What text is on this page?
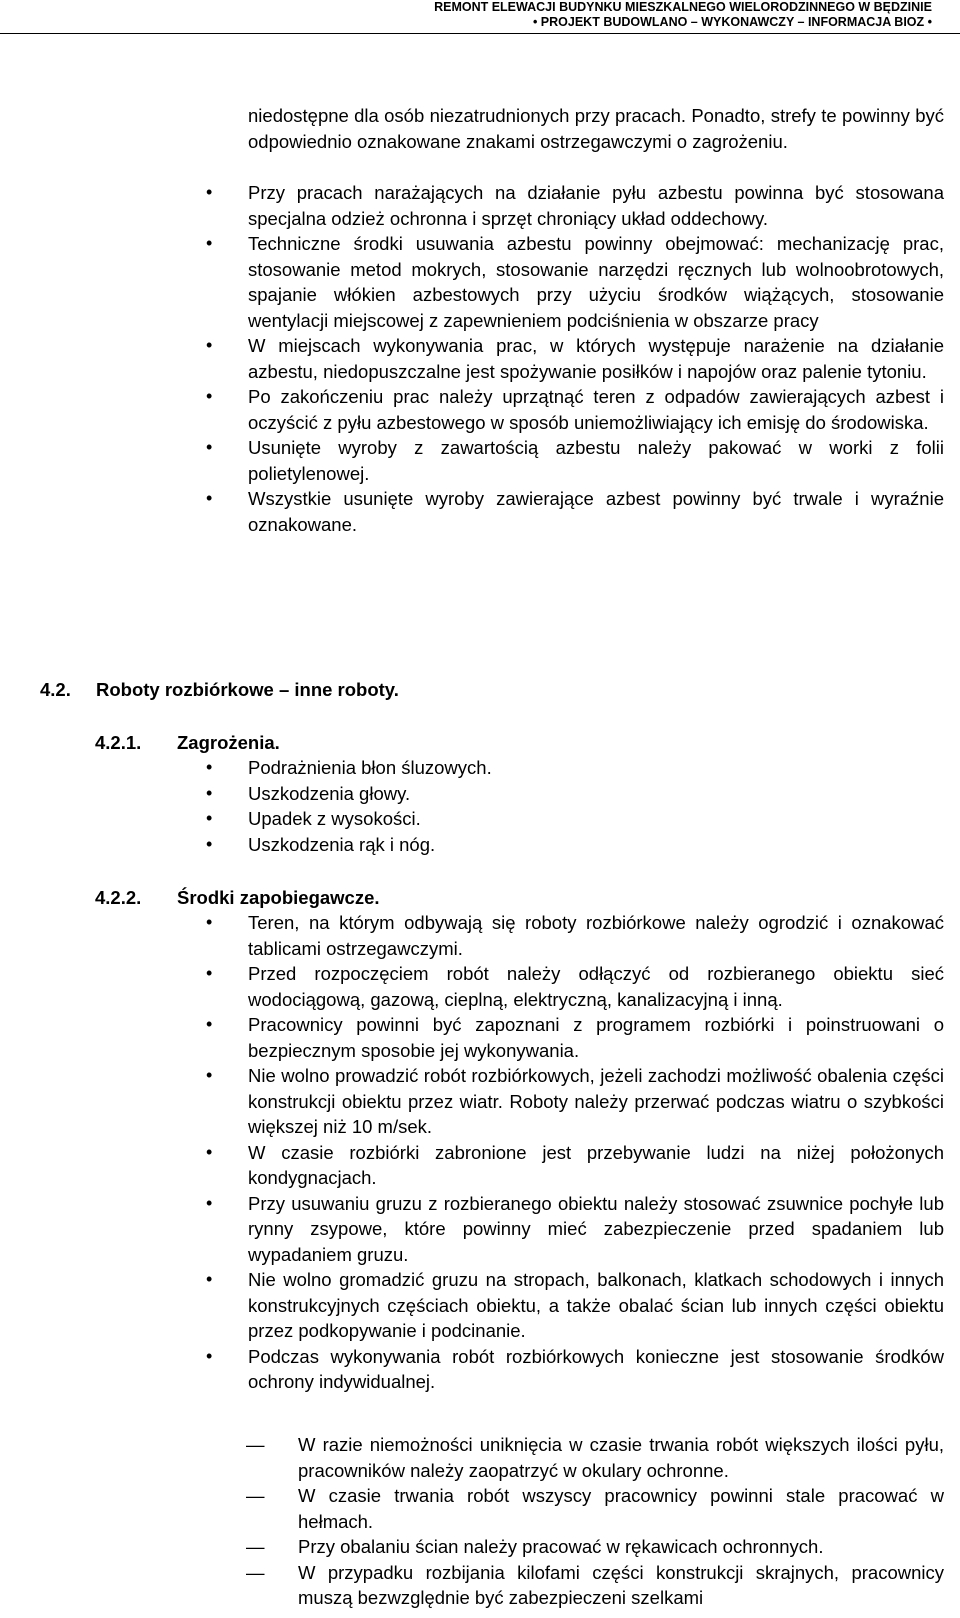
REMONT ELEWACJI BUDYNKU MIESZKALNEGO WIELORODZINNEGO W BĘDZINIE
• PROJEKT BUDOWLANO – WYKONAWCZY – INFORMACJA BIOZ •

niedostępne dla osób niezatrudnionych przy pracach. Ponadto, strefy te powinny być odpowiednio oznakowane znakami ostrzegawczymi o zagrożeniu.

• Przy pracach narażających na działanie pyłu azbestu powinna być stosowana specjalna odzież ochronna i sprzęt chroniący układ oddechowy.

• Techniczne środki usuwania azbestu powinny obejmować: mechanizację prac, stosowanie metod mokrych, stosowanie narzędzi ręcznych lub wolnoobrotowych, spajanie włókien azbestowych przy użyciu środków wiążących, stosowanie wentylacji miejscowej z zapewnieniem podciśnienia w obszarze pracy

• W miejscach wykonywania prac, w których występuje narażenie na działanie azbestu, niedopuszczalne jest spożywanie posiłków i napojów oraz palenie tytoniu.

• Po zakończeniu prac należy uprzątnąć teren z odpadów zawierających azbest i oczyścić z pyłu azbestowego w sposób uniemożliwiający ich emisję do środowiska.

• Usunięte wyroby z zawartością azbestu należy pakować w worki z folii polietylenowej.

• Wszystkie usunięte wyroby zawierające azbest powinny być trwale i wyraźnie oznakowane.

4.2. Roboty rozbiórkowe – inne roboty.
4.2.1. Zagrożenia.

• Podrażnienia błon śluzowych.

• Uszkodzenia głowy.

• Upadek z wysokości.

• Uszkodzenia rąk i nóg.

4.2.2. Środki zapobiegawcze.

• Teren, na którym odbywają się roboty rozbiórkowe należy ogrodzić i oznakować tablicami ostrzegawczymi.

• Przed rozpoczęciem robót należy odłączyć od rozbieranego obiektu sieć wodociągową, gazową, cieplną, elektryczną, kanalizacyjną i inną.

• Pracownicy powinni być zapoznani z programem rozbiórki i poinstruowani o bezpiecznym sposobie jej wykonywania.

• Nie wolno prowadzić robót rozbiórkowych, jeżeli zachodzi możliwość obalenia części konstrukcji obiektu przez wiatr. Roboty należy przerwać podczas wiatru o szybkości większej niż 10 m/sek.

• W czasie rozbiórki zabronione jest przebywanie ludzi na niżej położonych kondygnacjach.

• Przy usuwaniu gruzu z rozbieranego obiektu należy stosować zsuwnice pochyłe lub rynny zsypowe, które powinny mieć zabezpieczenie przed spadaniem lub wypadaniem gruzu.

• Nie wolno gromadzić gruzu na stropach, balkonach, klatkach schodowych i innych konstrukcyjnych częściach obiektu, a także obalać ścian lub innych części obiektu przez podkopywanie i podcinanie.

• Podczas wykonywania robót rozbiórkowych konieczne jest stosowanie środków ochrony indywidualnej.

— W razie niemożności uniknięcia w czasie trwania robót większych ilości pyłu, pracowników należy zaopatrzyć w okulary ochronne.

— W czasie trwania robót wszyscy pracownicy powinni stale pracować w hełmach.

— Przy obalaniu ścian należy pracować w rękawicach ochronnych.

— W przypadku rozbijania kilofami części konstrukcji skrajnych, pracownicy muszą bezwzględnie być zabezpieczeni szelkami
